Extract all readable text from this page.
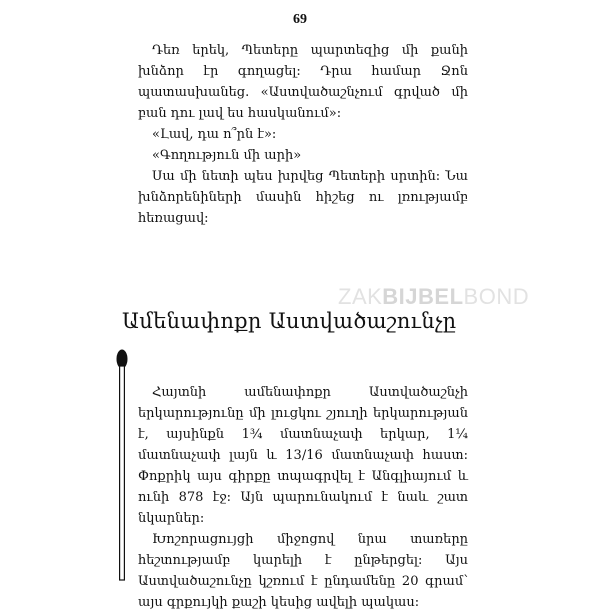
69

Դեռ երեկ, Պետերը պարտեզից մի քանի խնձոր էր գողացել: Դրա համար Ջոն պատասխանեց. «Աստվածաշնչում գրված մի բան դու լավ ես հասկանում»:

«Լավ, դա ո՞րն է»:

«Գողություն մի արի»

Սա մի նետի պես խրվեց Պետերի սրտին: Նա խնձորենիների մասին հիշեց ու լռությամբ հեռացավ:

ZAKBIJBELBOND
Ամենափոքր Աստվածաշունչը

Հայտնի ամենափոքր Աստվածաշնչի երկարությունը մի լուցկու շյուղի երկարության է, այսինքն 1¾ մատնաչափ երկար, 1¼ մատնաչափ լայն և 13/16 մատնաչափ հաստ: Փոքրիկ այս գիրքը տպագրվել է Անգլիայում և ունի 878 էջ: Այն պարունակում է նաև շատ նկարներ:

Խոշորացույցի միջոցով նրա տառերը հեշտությամբ կարելի է ընթերցել: Այս Աստվածաշունչը կշռում է ընդամենը 20 գրամ՝ այս գրքույկի քաշի կեսից ավելի պակաս:
